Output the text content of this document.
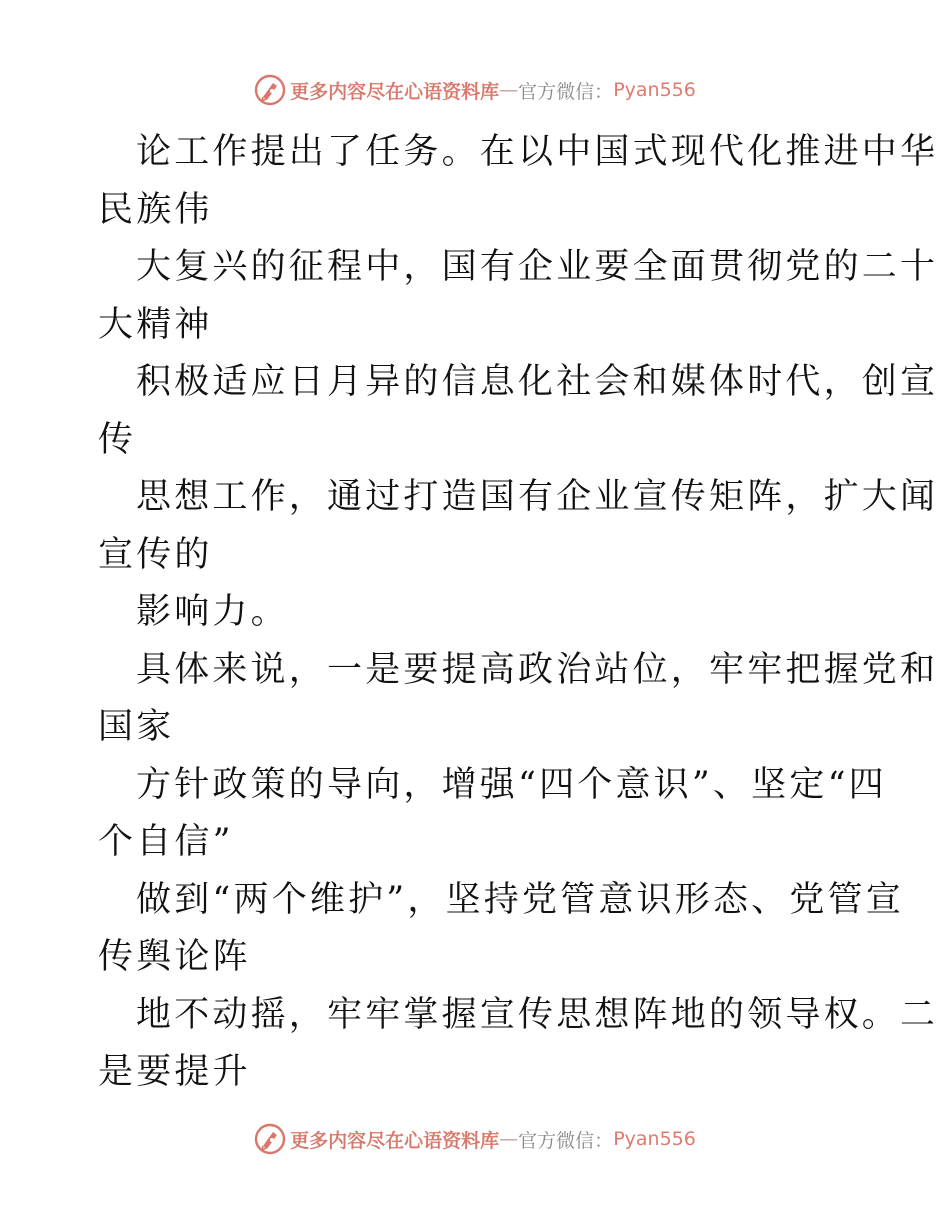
更多内容尽在心语资料库 — 官方微信： Pyan556
论工作提出了任务。在以中国式现代化推进中华
民族伟
大复兴的征程中，国有企业要全面贯彻党的二十
大精神
积极适应日月异的信息化社会和媒体时代，创宣
传
思想工作，通过打造国有企业宣传矩阵，扩大闻
宣传的
影响力。
具体来说，一是要提高政治站位，牢牢把握党和
国家
方针政策的导向，增强“四个意识”、坚定“四
个自信”
做到“两个维护”，坚持党管意识形态、党管宣
传舆论阵
地不动摇，牢牢掌握宣传思想阵地的领导权。二
是要提升
更多内容尽在心语资料库 — 官方微信： Pyan556
